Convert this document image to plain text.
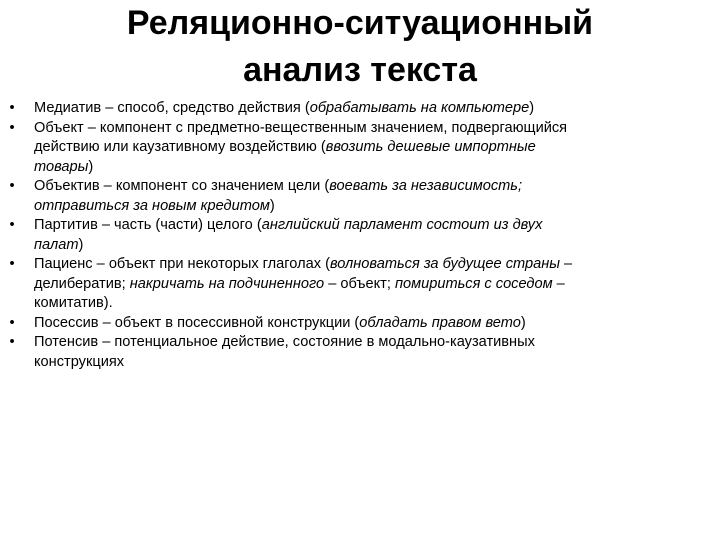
Реляционно-ситуационный
анализ текста
• Медиатив – способ, средство действия (обрабатывать на компьютере)
• Объект – компонент с предметно-вещественным значением, подвергающийся
действию или каузативному воздействию (ввозить дешевые импортные
товары)
• Объектив – компонент со значением цели (воевать за независимость;
отправиться за новым кредитом)
• Партитив – часть (части) целого (английский парламент состоит из двух
палат)
• Пациенс – объект при некоторых глаголах (волноваться за будущее страны –
делибератив; накричать на подчиненного – объект; помириться с соседом –
комитатив).
• Посессив – объект в посессивной конструкции (обладать правом вето)
• Потенсив – потенциальное действие, состояние в модально-каузативных
конструкциях
